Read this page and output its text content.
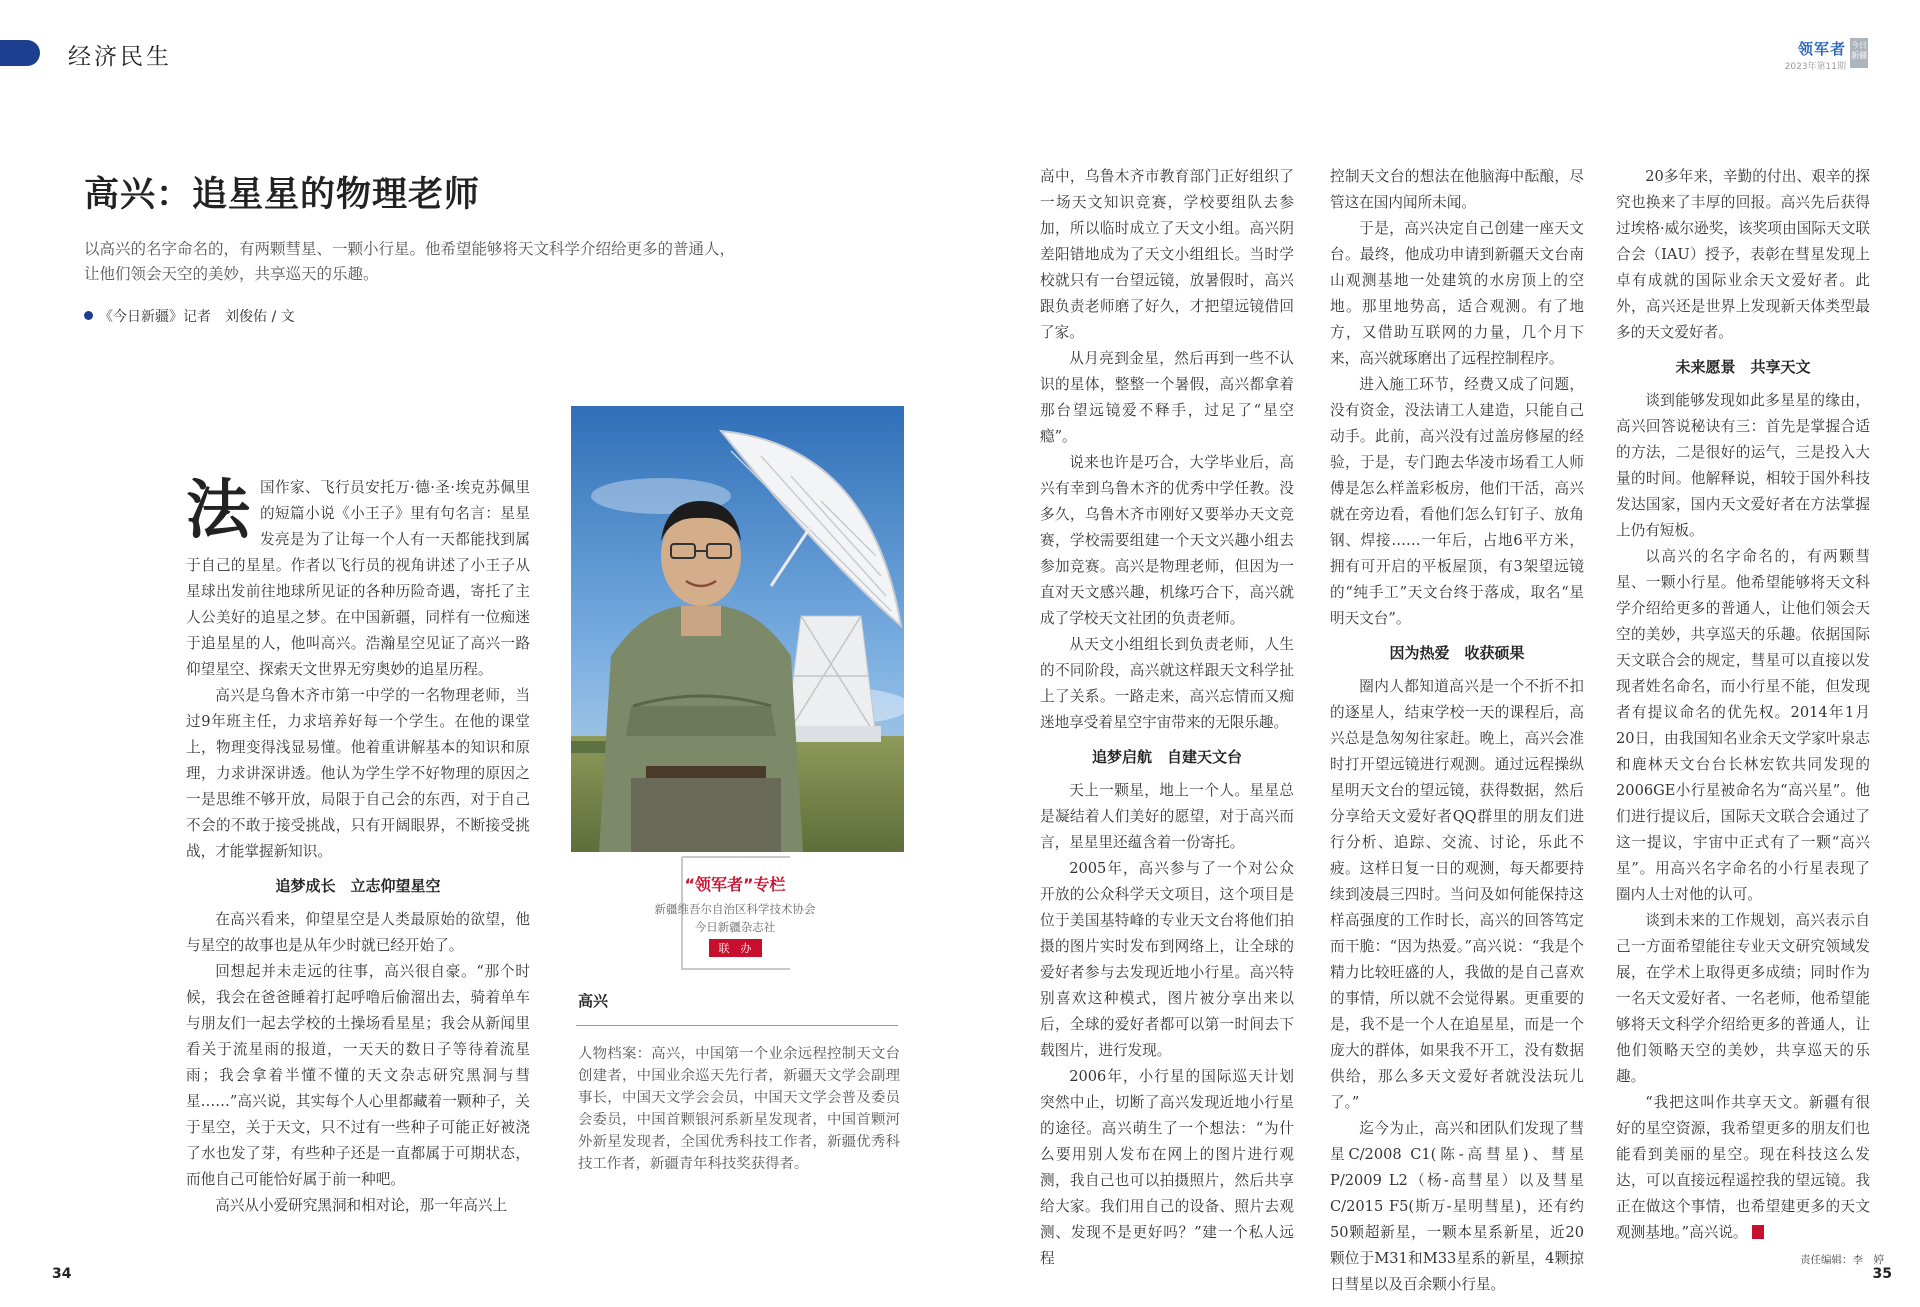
经济民生	领军者
2023年第11期
今日新疆
高兴：追星星的物理老师
以高兴的名字命名的，有两颗彗星、一颗小行星。他希望能够将天文科学介绍给更多的普通人，让他们领会天空的美妙，共享巡天的乐趣。
《今日新疆》记者　刘俊佑 / 文

法国作家、飞行员安托万·德·圣·埃克苏佩里的短篇小说《小王子》里有句名言：星星发亮是为了让每一个人有一天都能找到属于自己的星星。作者以飞行员的视角讲述了小王子从星球出发前往地球所见证的各种历险奇遇，寄托了主人公美好的追星之梦。在中国新疆，同样有一位痴迷于追星星的人，他叫高兴。浩瀚星空见证了高兴一路仰望星空、探索天文世界无穷奥妙的追星历程。

高兴是乌鲁木齐市第一中学的一名物理老师，当过9年班主任，力求培养好每一个学生。在他的课堂上，物理变得浅显易懂。他着重讲解基本的知识和原理，力求讲深讲透。他认为学生学不好物理的原因之一是思维不够开放，局限于自己会的东西，对于自己不会的不敢于接受挑战，只有开阔眼界，不断接受挑战，才能掌握新知识。

追梦成长　立志仰望星空

在高兴看来，仰望星空是人类最原始的欲望，他与星空的故事也是从年少时就已经开始了。

回想起并未走远的往事，高兴很自豪。“那个时候，我会在爸爸睡着打起呼噜后偷溜出去，骑着单车与朋友们一起去学校的土操场看星星；我会从新闻里看关于流星雨的报道，一天天的数日子等待着流星雨；我会拿着半懂不懂的天文杂志研究黑洞与彗星……”高兴说，其实每个人心里都藏着一颗种子，关于星空，关于天文，只不过有一些种子可能正好被浇了水也发了芽，有些种子还是一直都属于可期状态，而他自己可能恰好属于前一种吧。

高兴从小爱研究黑洞和相对论，那一年高兴上

“领军者”专栏
新疆维吾尔自治区科学技术协会
今日新疆杂志社
联　办
高兴
人物档案：高兴，中国第一个业余远程控制天文台创建者，中国业余巡天先行者，新疆天文学会副理事长，中国天文学会会员，中国天文学会普及委员会委员，中国首颗银河系新星发现者，中国首颗河外新星发现者，全国优秀科技工作者，新疆优秀科技工作者，新疆青年科技奖获得者。

高中，乌鲁木齐市教育部门正好组织了一场天文知识竞赛，学校要组队去参加，所以临时成立了天文小组。高兴阴差阳错地成为了天文小组组长。当时学校就只有一台望远镜，放暑假时，高兴跟负责老师磨了好久，才把望远镜借回了家。

从月亮到金星，然后再到一些不认识的星体，整整一个暑假，高兴都拿着那台望远镜爱不释手，过足了“星空瘾”。

说来也许是巧合，大学毕业后，高兴有幸到乌鲁木齐的优秀中学任教。没多久，乌鲁木齐市刚好又要举办天文竞赛，学校需要组建一个天文兴趣小组去参加竞赛。高兴是物理老师，但因为一直对天文感兴趣，机缘巧合下，高兴就成了学校天文社团的负责老师。

从天文小组组长到负责老师，人生的不同阶段，高兴就这样跟天文科学扯上了关系。一路走来，高兴忘情而又痴迷地享受着星空宇宙带来的无限乐趣。

追梦启航　自建天文台

天上一颗星，地上一个人。星星总是凝结着人们美好的愿望，对于高兴而言，星星里还蕴含着一份寄托。

2005年，高兴参与了一个对公众开放的公众科学天文项目，这个项目是位于美国基特峰的专业天文台将他们拍摄的图片实时发布到网络上，让全球的爱好者参与去发现近地小行星。高兴特别喜欢这种模式，图片被分享出来以后，全球的爱好者都可以第一时间去下载图片，进行发现。

2006年，小行星的国际巡天计划突然中止，切断了高兴发现近地小行星的途径。高兴萌生了一个想法：“为什么要用别人发布在网上的图片进行观测，我自己也可以拍摄照片，然后共享给大家。我们用自己的设备、照片去观测、发现不是更好吗？”建一个私人远程

控制天文台的想法在他脑海中酝酿，尽管这在国内闻所未闻。

于是，高兴决定自己创建一座天文台。最终，他成功申请到新疆天文台南山观测基地一处建筑的水房顶上的空地。那里地势高，适合观测。有了地方，又借助互联网的力量，几个月下来，高兴就琢磨出了远程控制程序。

进入施工环节，经费又成了问题，没有资金，没法请工人建造，只能自己动手。此前，高兴没有过盖房修屋的经验，于是，专门跑去华凌市场看工人师傅是怎么样盖彩板房，他们干活，高兴就在旁边看，看他们怎么钉钉子、放角钢、焊接……一年后，占地6平方米，拥有可开启的平板屋顶，有3架望远镜的“纯手工”天文台终于落成，取名“星明天文台”。

因为热爱　收获硕果

圈内人都知道高兴是一个不折不扣的逐星人，结束学校一天的课程后，高兴总是急匆匆往家赶。晚上，高兴会准时打开望远镜进行观测。通过远程操纵星明天文台的望远镜，获得数据，然后分享给天文爱好者QQ群里的朋友们进行分析、追踪、交流、讨论，乐此不疲。这样日复一日的观测，每天都要持续到凌晨三四时。当问及如何能保持这样高强度的工作时长，高兴的回答笃定而干脆：“因为热爱。”高兴说：“我是个精力比较旺盛的人，我做的是自己喜欢的事情，所以就不会觉得累。更重要的是，我不是一个人在追星星，而是一个庞大的群体，如果我不开工，没有数据供给，那么多天文爱好者就没法玩儿了。”

迄今为止，高兴和团队们发现了彗星C/2008 C1(陈-高彗星)、彗星P/2009 L2（杨-高彗星）以及彗星C/2015 F5(斯万-星明彗星)，还有约50颗超新星，一颗本星系新星，近20颗位于M31和M33星系的新星，4颗掠日彗星以及百余颗小行星。

20多年来，辛勤的付出、艰辛的探究也换来了丰厚的回报。高兴先后获得过埃格·威尔逊奖，该奖项由国际天文联合会（IAU）授予，表彰在彗星发现上卓有成就的国际业余天文爱好者。此外，高兴还是世界上发现新天体类型最多的天文爱好者。

未来愿景　共享天文

谈到能够发现如此多星星的缘由，高兴回答说秘诀有三：首先是掌握合适的方法，二是很好的运气，三是投入大量的时间。他解释说，相较于国外科技发达国家，国内天文爱好者在方法掌握上仍有短板。

以高兴的名字命名的，有两颗彗星、一颗小行星。他希望能够将天文科学介绍给更多的普通人，让他们领会天空的美妙，共享巡天的乐趣。依据国际天文联合会的规定，彗星可以直接以发现者姓名命名，而小行星不能，但发现者有提议命名的优先权。2014年1月20日，由我国知名业余天文学家叶泉志和鹿林天文台台长林宏钦共同发现的2006GE小行星被命名为“高兴星”。他们进行提议后，国际天文联合会通过了这一提议，宇宙中正式有了一颗“高兴星”。用高兴名字命名的小行星表现了圈内人士对他的认可。

谈到未来的工作规划，高兴表示自己一方面希望能往专业天文研究领域发展，在学术上取得更多成绩；同时作为一名天文爱好者、一名老师，他希望能够将天文科学介绍给更多的普通人，让他们领略天空的美妙，共享巡天的乐趣。

“我把这叫作共享天文。新疆有很好的星空资源，我希望更多的朋友们也能看到美丽的星空。现在科技这么发达，可以直接远程遥控我的望远镜。我正在做这个事情，也希望建更多的天文观测基地。”高兴说。

34	35
责任编辑：李　婷
